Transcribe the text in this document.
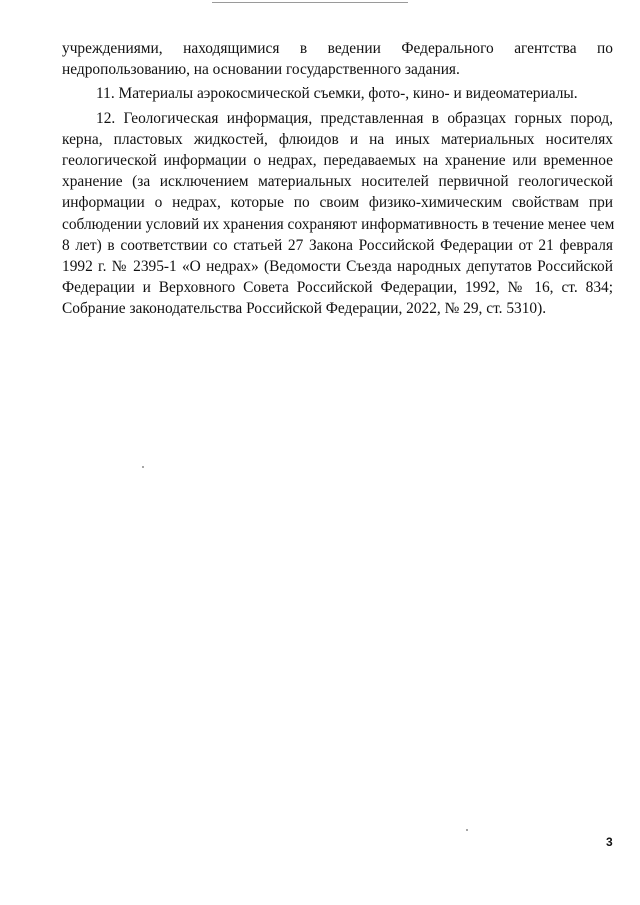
учреждениями, находящимися в ведении Федерального агентства по
недропользованию, на основании государственного задания.
11. Материалы аэрокосмической съемки, фото-, кино- и видеоматериалы.
12. Геологическая информация, представленная в образцах горных пород,
керна, пластовых жидкостей, флюидов и на иных материальных носителях
геологической информации о недрах, передаваемых на хранение или временное
хранение (за исключением материальных носителей первичной геологической
информации о недрах, которые по своим физико-химическим свойствам при
соблюдении условий их хранения сохраняют информативность в течение менее чем
8 лет) в соответствии со статьей 27 Закона Российской Федерации от 21 февраля
1992 г. № 2395-1 «О недрах» (Ведомости Съезда народных депутатов Российской
Федерации и Верховного Совета Российской Федерации, 1992, № 16, ст. 834;
Собрание законодательства Российской Федерации, 2022, № 29, ст. 5310).
3
